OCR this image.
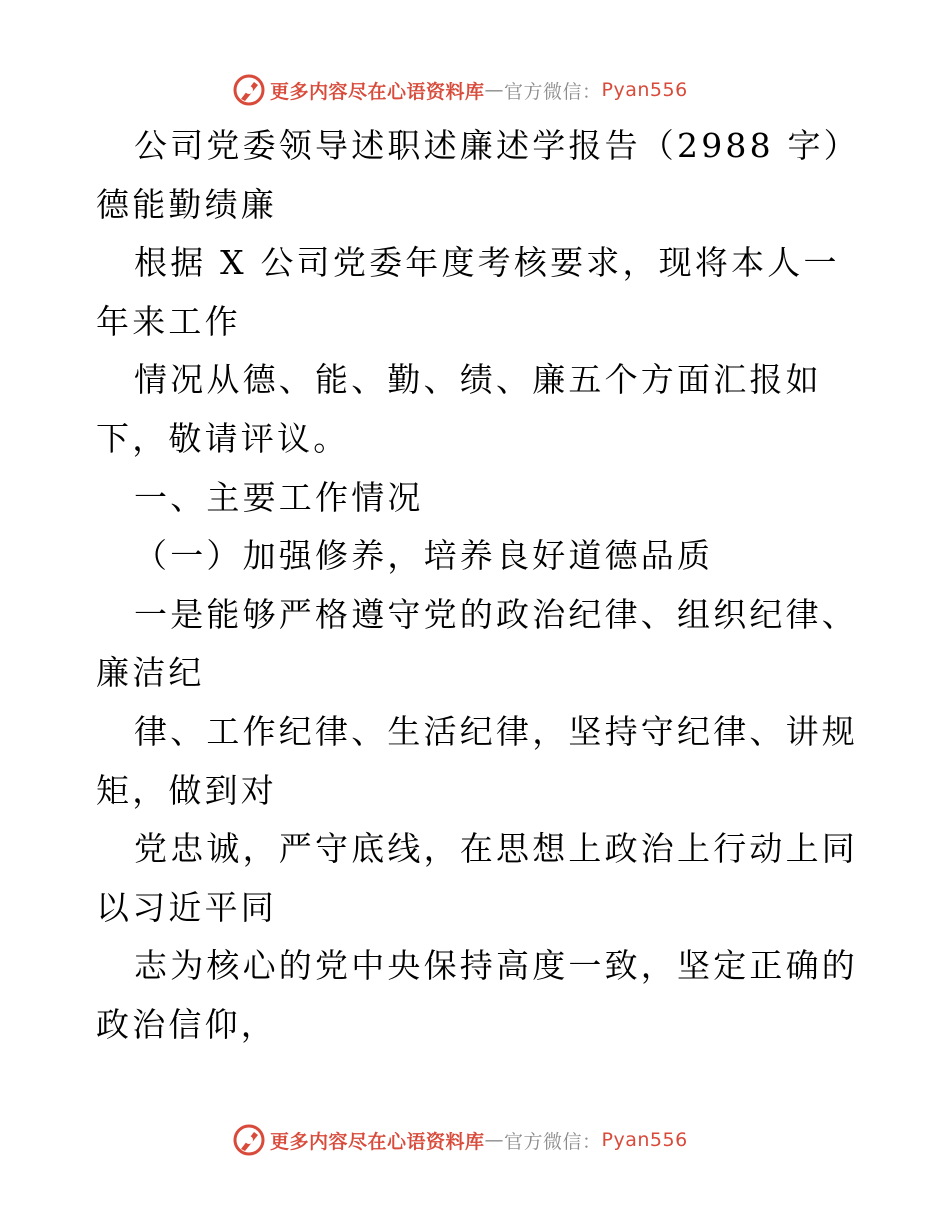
更多内容尽在心语资料库 — 官方微信： Pyan556

公司党委领导述职述廉述学报告（2988 字）德能勤绩廉

根据 X 公司党委年度考核要求，现将本人一年来工作

情况从德、能、勤、绩、廉五个方面汇报如下，敬请评议。

一、主要工作情况

（一）加强修养，培养良好道德品质

一是能够严格遵守党的政治纪律、组织纪律、廉洁纪

律、工作纪律、生活纪律，坚持守纪律、讲规矩，做到对

党忠诚，严守底线，在思想上政治上行动上同以习近平同

志为核心的党中央保持高度一致，坚定正确的政治信仰，

更多内容尽在心语资料库 — 官方微信： Pyan556
